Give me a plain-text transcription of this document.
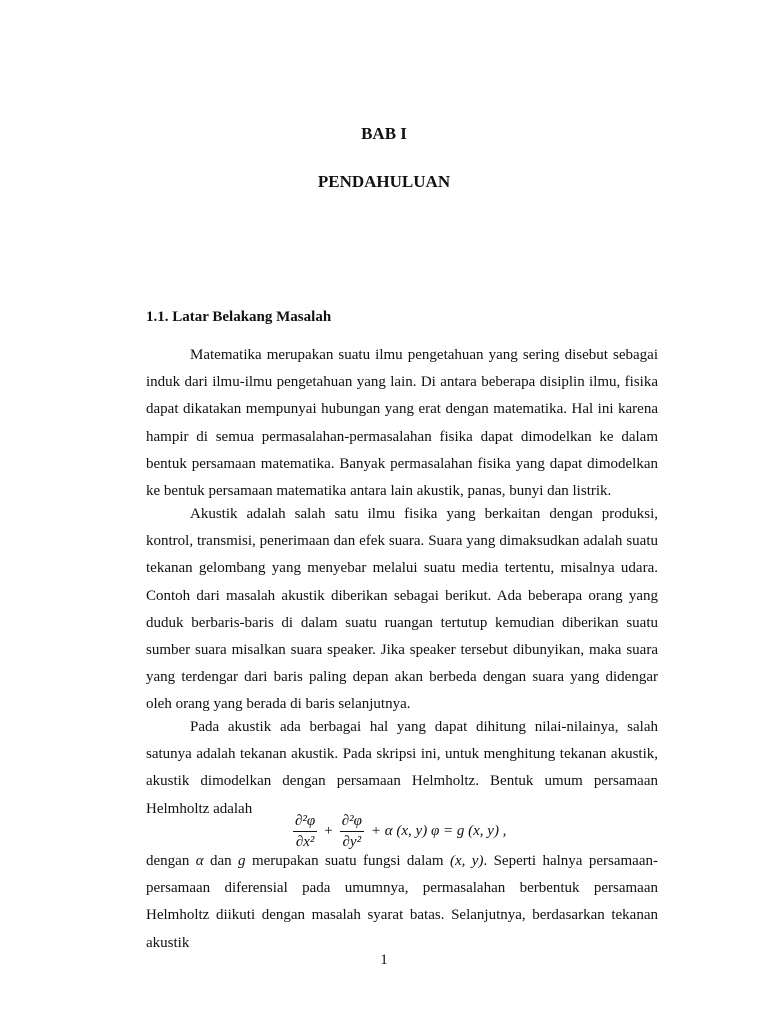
BAB I
PENDAHULUAN
1.1. Latar Belakang Masalah

Matematika merupakan suatu ilmu pengetahuan yang sering disebut sebagai induk dari ilmu-ilmu pengetahuan yang lain. Di antara beberapa disiplin ilmu, fisika dapat dikatakan mempunyai hubungan yang erat dengan matematika. Hal ini karena hampir di semua permasalahan-permasalahan fisika dapat dimodelkan ke dalam bentuk persamaan matematika. Banyak permasalahan fisika yang dapat dimodelkan ke bentuk persamaan matematika antara lain akustik, panas, bunyi dan listrik.

Akustik adalah salah satu ilmu fisika yang berkaitan dengan produksi, kontrol, transmisi, penerimaan dan efek suara. Suara yang dimaksudkan adalah suatu tekanan gelombang yang menyebar melalui suatu media tertentu, misalnya udara. Contoh dari masalah akustik diberikan sebagai berikut. Ada beberapa orang yang duduk berbaris-baris di dalam suatu ruangan tertutup kemudian diberikan suatu sumber suara misalkan suara speaker. Jika speaker tersebut dibunyikan, maka suara yang terdengar dari baris paling depan akan berbeda dengan suara yang didengar oleh orang yang berada di baris selanjutnya.

Pada akustik ada berbagai hal yang dapat dihitung nilai-nilainya, salah satunya adalah tekanan akustik. Pada skripsi ini, untuk menghitung tekanan akustik, akustik dimodelkan dengan persamaan Helmholtz. Bentuk umum persamaan Helmholtz adalah

$\frac{\text{∂²φ}}{\text{∂x²}} + \frac{\text{∂²φ}}{\text{∂y²}} + \alpha$ (x, y) φ = g (x, y) ,

dengan α dan g merupakan suatu fungsi dalam (x, y). Seperti halnya persamaan-persamaan diferensial pada umumnya, permasalahan berbentuk persamaan Helmholtz diikuti dengan masalah syarat batas. Selanjutnya, berdasarkan tekanan akustik

1
